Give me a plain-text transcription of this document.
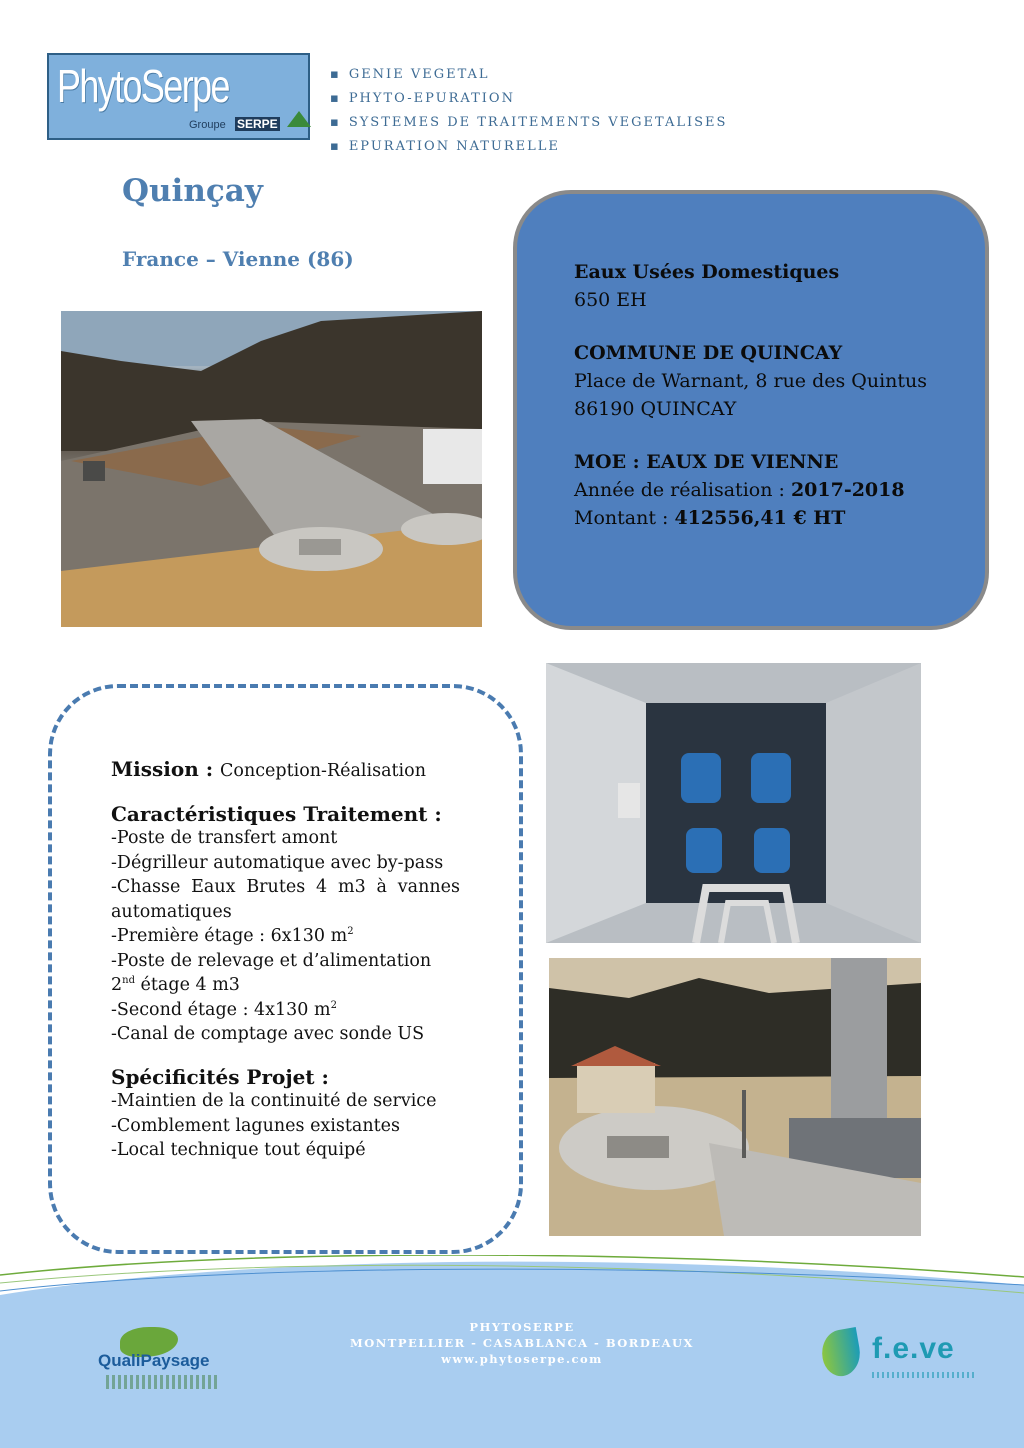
PhytoSerpe
Groupe SERPE
▪ GENIE VEGETAL
▪ PHYTO-EPURATION
▪ SYSTEMES DE TRAITEMENTS VEGETALISES
▪ EPURATION NATURELLE
Quinçay
France – Vienne (86)
Eaux Usées Domestiques
650 EH
COMMUNE DE QUINCAY
Place de Warnant, 8 rue des Quintus
86190 QUINCAY
MOE : EAUX DE VIENNE
Année de réalisation : 2017-2018
Montant : 412556,41 € HT
Mission : Conception-Réalisation
Caractéristiques Traitement :
-Poste de transfert amont
-Dégrilleur automatique avec by-pass
-Chasse Eaux Brutes 4 m3 à vannes automatiques
-Première étage : 6x130 $m^2$
-Poste de relevage et d’alimentation 2nd étage 4 m3
-Second étage : 4x130 $m^2$
-Canal de comptage avec sonde US
Spécificités Projet :
-Maintien de la continuité de service
-Comblement lagunes existantes
-Local technique tout équipé
PHYTOSERPE
MONTPELLIER - CASABLANCA - BORDEAUX
www.phytoserpe.com
QualiPaysage	f.e.ve
